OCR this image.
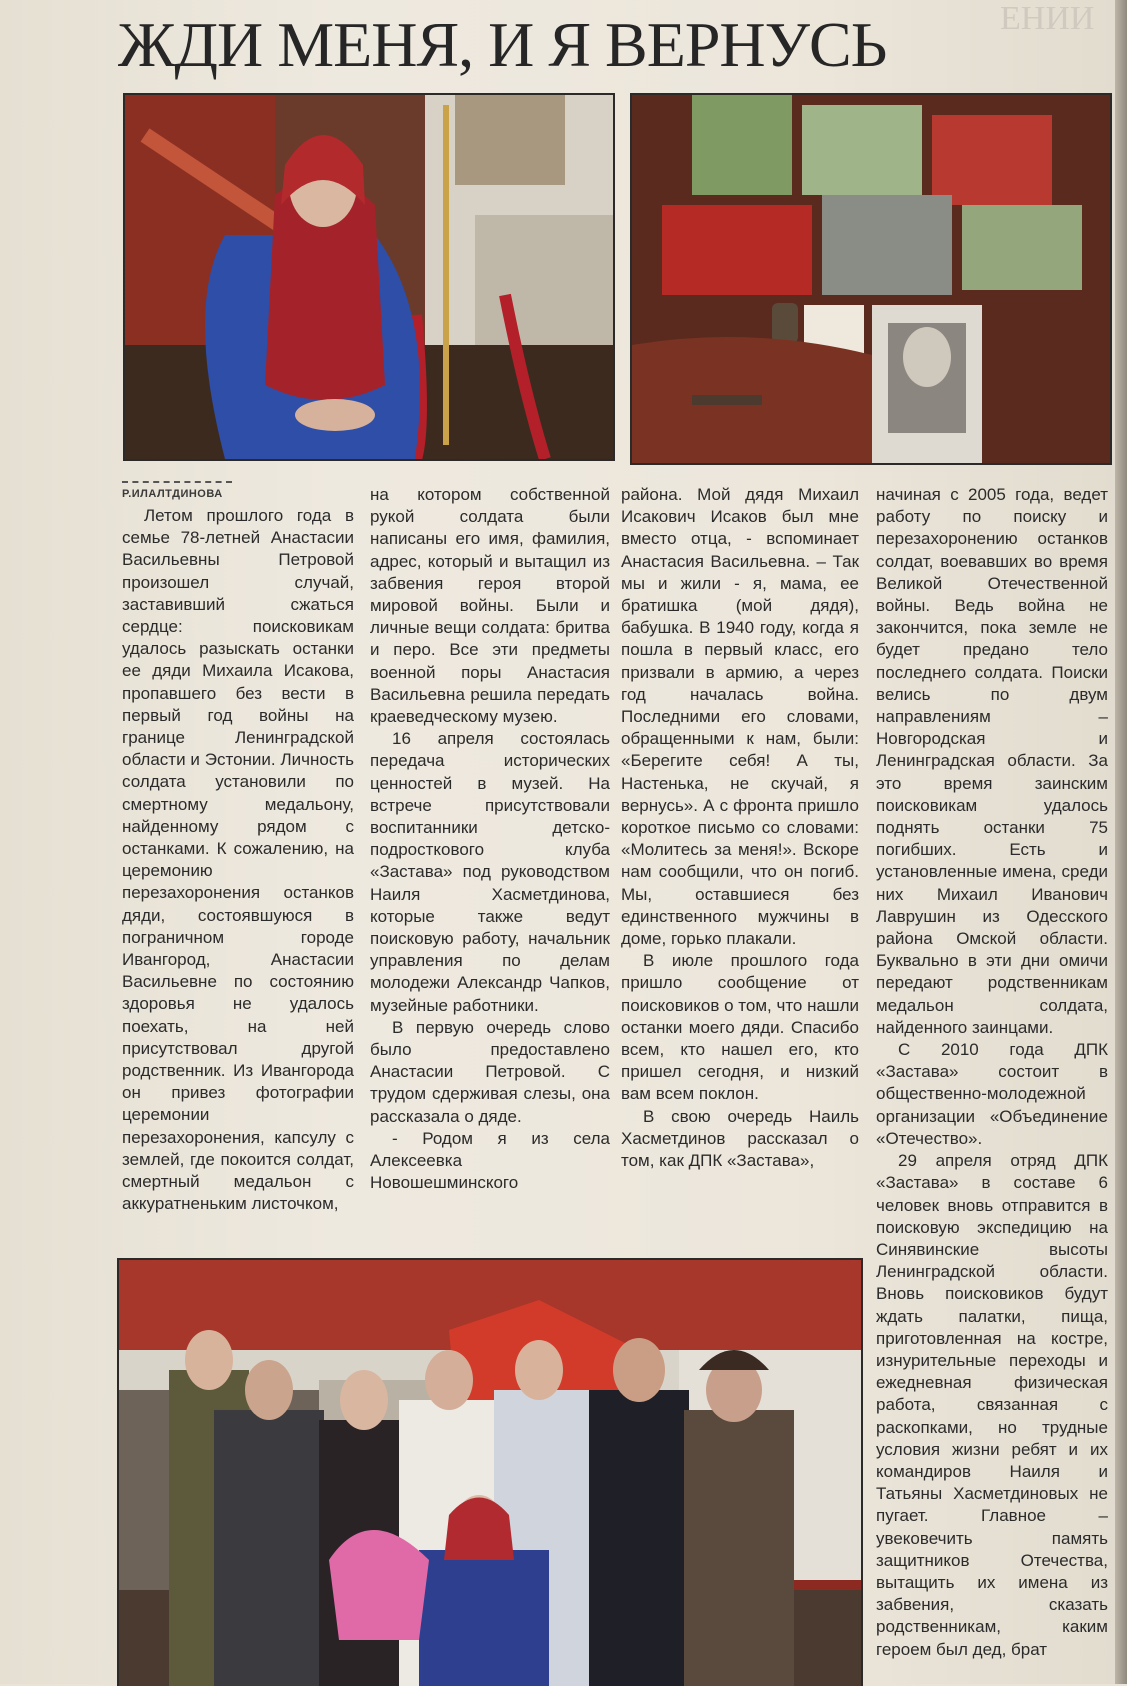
ЖДИ МЕНЯ, И Я ВЕРНУСЬ	ЕНИИ
Р.ИЛАЛТДИНОВА

Летом прошлого года в семье 78-летней Анастасии Васильевны Петровой произошел случай, заставивший сжаться сердце: поисковикам удалось разыскать останки ее дяди Михаила Исакова, пропавшего без вести в первый год войны на границе Ленинградской области и Эстонии. Личность солдата установили по смертному медальону, найденному рядом с останками. К сожалению, на церемонию перезахоронения останков дяди, состоявшуюся в пограничном городе Ивангород, Анастасии Васильевне по состоянию здоровья не удалось поехать, на ней присутствовал другой родственник. Из Ивангорода он привез фотографии церемонии перезахоронения, капсулу с землей, где покоится солдат, смертный медальон с аккуратненьким листочком,

на котором собственной рукой солдата были написаны его имя, фамилия, адрес, который и вытащил из забвения героя второй мировой войны. Были и личные вещи солдата: бритва и перо. Все эти предметы военной поры Анастасия Васильевна решила передать краеведческому музею.

16 апреля состоялась передача исторических ценностей в музей. На встрече присутствовали воспитанники детско-подросткового клуба «Застава» под руководством Наиля Хасметдинова, которые также ведут поисковую работу, начальник управления по делам молодежи Александр Чапков, музейные работники.

В первую очередь слово было предоставлено Анастасии Петровой. С трудом сдерживая слезы, она рассказала о дяде.

- Родом я из села Алексеевка Новошешминского

района. Мой дядя Михаил Исакович Исаков был мне вместо отца, - вспоминает Анастасия Васильевна. – Так мы и жили - я, мама, ее братишка (мой дядя), бабушка. В 1940 году, когда я пошла в первый класс, его призвали в армию, а через год началась война. Последними его словами, обращенными к нам, были: «Берегите себя! А ты, Настенька, не скучай, я вернусь». А с фронта пришло короткое письмо со словами: «Молитесь за меня!». Вскоре нам сообщили, что он погиб. Мы, оставшиеся без единственного мужчины в доме, горько плакали.

В июле прошлого года пришло сообщение от поисковиков о том, что нашли останки моего дяди. Спасибо всем, кто нашел его, кто пришел сегодня, и низкий вам всем поклон.

В свою очередь Наиль Хасметдинов рассказал о том, как ДПК «Застава»,

начиная с 2005 года, ведет работу по поиску и перезахоронению останков солдат, воевавших во время Великой Отечественной войны. Ведь война не закончится, пока земле не будет предано тело последнего солдата. Поиски велись по двум направлениям – Новгородская и Ленинградская области. За это время заинским поисковикам удалось поднять останки 75 погибших. Есть и установленные имена, среди них Михаил Иванович Лаврушин из Одесского района Омской области. Буквально в эти дни омичи передают родственникам медальон солдата, найденного заинцами.

С 2010 года ДПК «Застава» состоит в общественно-молодежной организации «Объединение «Отечество».

29 апреля отряд ДПК «Застава» в составе 6 человек вновь отправится в поисковую экспедицию на Синявинские высоты Ленинградской области. Вновь поисковиков будут ждать палатки, пища, приготовленная на костре, изнурительные переходы и ежедневная физическая работа, связанная с раскопками, но трудные условия жизни ребят и их командиров Наиля и Татьяны Хасметдиновых не пугает. Главное – увековечить память защитников Отечества, вытащить их имена из забвения, сказать родственникам, каким героем был дед, брат
